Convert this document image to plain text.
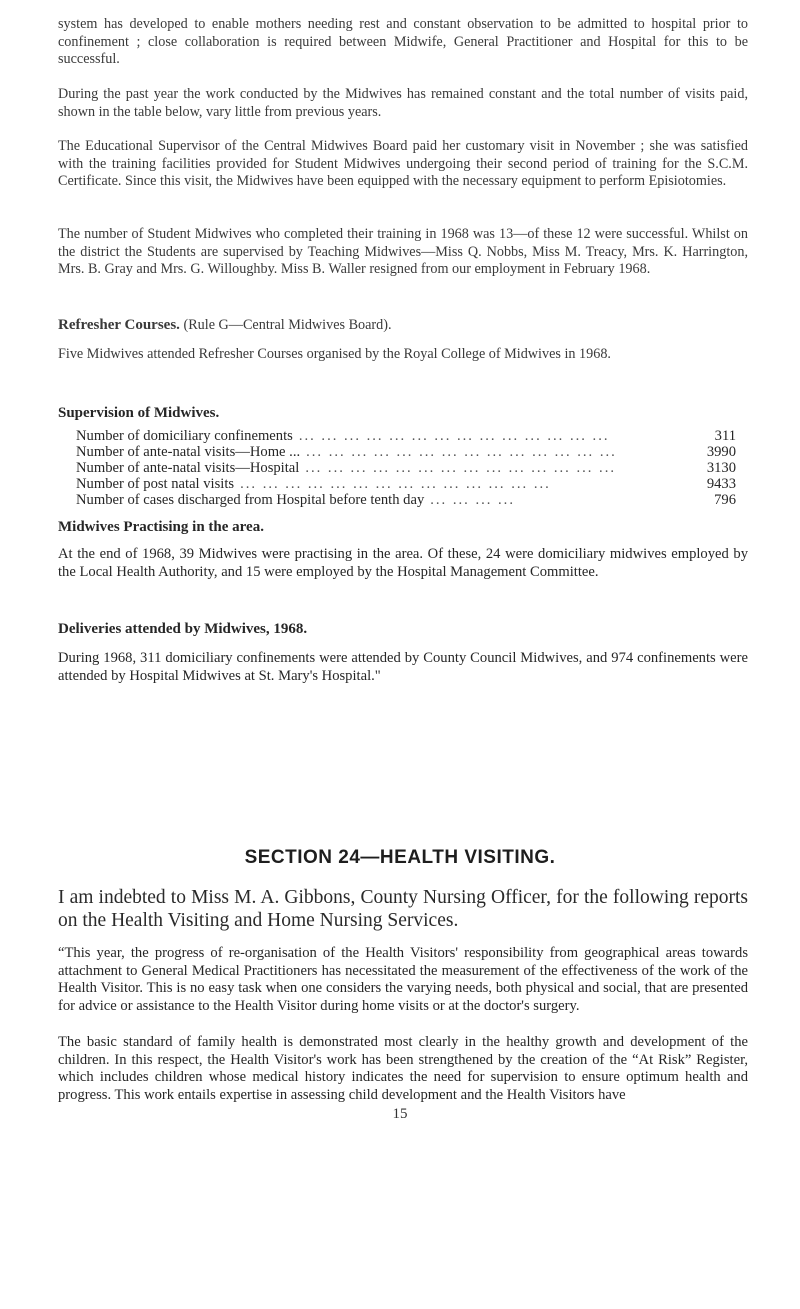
system has developed to enable mothers needing rest and constant observation to be admitted to hospital prior to confinement ; close collaboration is required between Midwife, General Practitioner and Hospital for this to be successful.

During the past year the work conducted by the Midwives has remained constant and the total number of visits paid, shown in the table below, vary little from previous years.

The Educational Supervisor of the Central Midwives Board paid her customary visit in November ; she was satisfied with the training facilities provided for Student Midwives undergoing their second period of training for the S.C.M. Certificate. Since this visit, the Midwives have been equipped with the necessary equipment to perform Episiotomies.

The number of Student Midwives who completed their training in 1968 was 13—of these 12 were successful. Whilst on the district the Students are supervised by Teaching Midwives—Miss Q. Nobbs, Miss M. Treacy, Mrs. K. Harrington, Mrs. B. Gray and Mrs. G. Willoughby. Miss B. Waller resigned from our employment in February 1968.

Refresher Courses. (Rule G—Central Midwives Board).

Five Midwives attended Refresher Courses organised by the Royal College of Midwives in 1968.

Supervision of Midwives.

Number of domiciliary confinements ... ... ... ... ... ... ... ... ... ... ... ... ... ...	311
Number of ante-natal visits—Home ... ... ... ... ... ... ... ... ... ... ... ... ... ... ...	3990
Number of ante-natal visits—Hospital ... ... ... ... ... ... ... ... ... ... ... ... ... ...	3130
Number of post natal visits ... ... ... ... ... ... ... ... ... ... ... ... ... ...	9433
Number of cases discharged from Hospital before tenth day ... ... ... ...	796

Midwives Practising in the area.

At the end of 1968, 39 Midwives were practising in the area. Of these, 24 were domiciliary midwives employed by the Local Health Authority, and 15 were employed by the Hospital Management Committee.

Deliveries attended by Midwives, 1968.

During 1968, 311 domiciliary confinements were attended by County Council Midwives, and 974 confinements were attended by Hospital Midwives at St. Mary's Hospital."

SECTION 24—HEALTH VISITING.

I am indebted to Miss M. A. Gibbons, County Nursing Officer, for the following reports on the Health Visiting and Home Nursing Services.

“This year, the progress of re-organisation of the Health Visitors' responsibility from geographical areas towards attachment to General Medical Practitioners has necessitated the measurement of the effectiveness of the work of the Health Visitor. This is no easy task when one considers the varying needs, both physical and social, that are presented for advice or assistance to the Health Visitor during home visits or at the doctor's surgery.

The basic standard of family health is demonstrated most clearly in the healthy growth and development of the children. In this respect, the Health Visitor's work has been strengthened by the creation of the “At Risk” Register, which includes children whose medical history indicates the need for supervision to ensure optimum health and progress. This work entails expertise in assessing child development and the Health Visitors have

15
